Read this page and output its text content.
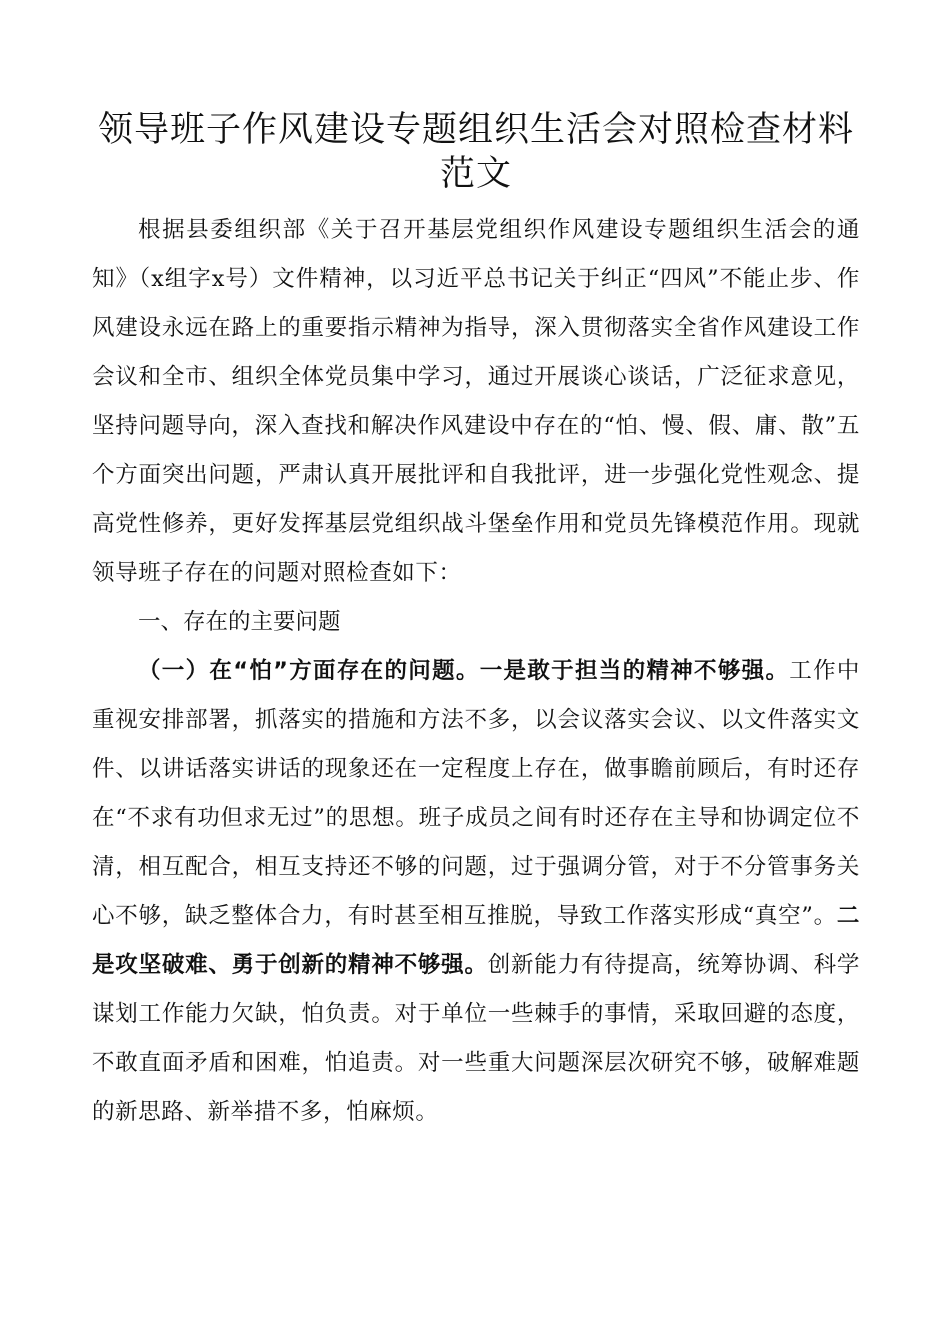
领导班子作风建设专题组织生活会对照检查材料
范文

根据县委组织部《关于召开基层党组织作风建设专题组织生活会的通知》（x组字x号）文件精神，以习近平总书记关于纠正“四风”不能止步、作风建设永远在路上的重要指示精神为指导，深入贯彻落实全省作风建设工作会议和全市、组织全体党员集中学习，通过开展谈心谈话，广泛征求意见，坚持问题导向，深入查找和解决作风建设中存在的“怕、慢、假、庸、散”五个方面突出问题，严肃认真开展批评和自我批评，进一步强化党性观念、提高党性修养，更好发挥基层党组织战斗堡垒作用和党员先锋模范作用。现就领导班子存在的问题对照检查如下：

一、存在的主要问题

（一）在“怕”方面存在的问题。一是敢于担当的精神不够强。工作中重视安排部署，抓落实的措施和方法不多，以会议落实会议、以文件落实文件、以讲话落实讲话的现象还在一定程度上存在，做事瞻前顾后，有时还存在“不求有功但求无过”的思想。班子成员之间有时还存在主导和协调定位不清，相互配合，相互支持还不够的问题，过于强调分管，对于不分管事务关心不够，缺乏整体合力，有时甚至相互推脱，导致工作落实形成“真空”。二是攻坚破难、勇于创新的精神不够强。创新能力有待提高，统筹协调、科学谋划工作能力欠缺，怕负责。对于单位一些棘手的事情，采取回避的态度，不敢直面矛盾和困难，怕追责。对一些重大问题深层次研究不够，破解难题的新思路、新举措不多，怕麻烦。
